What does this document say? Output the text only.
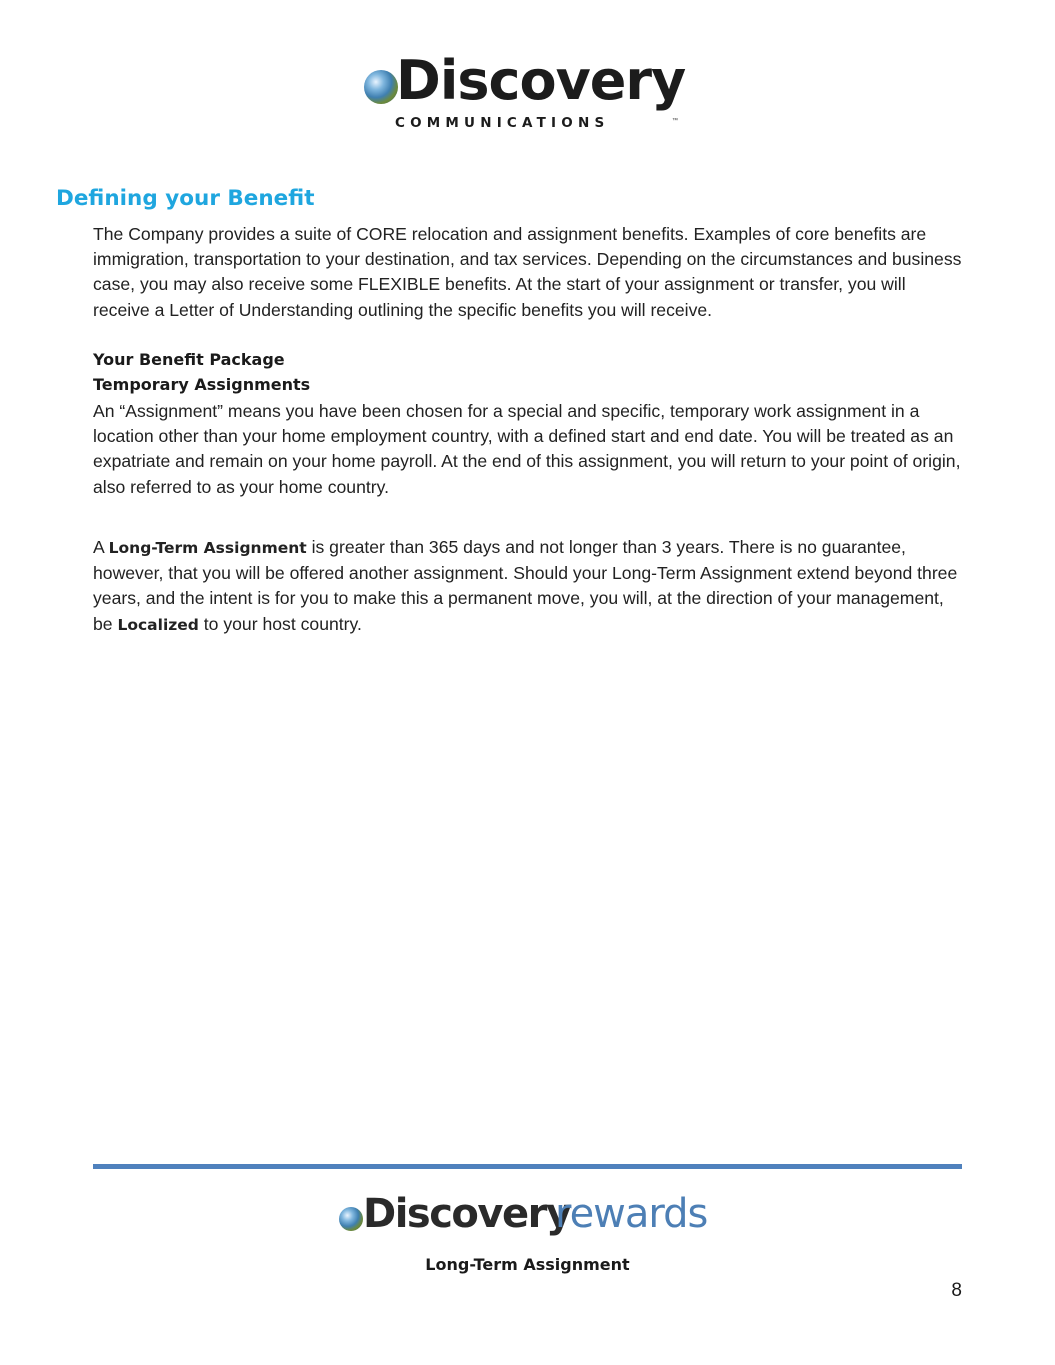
Discovery
COMMUNICATIONS	™
Defining your Benefit

The Company provides a suite of CORE relocation and assignment benefits. Examples of core benefits are immigration, transportation to your destination, and tax services. Depending on the circumstances and business case, you may also receive some FLEXIBLE benefits. At the start of your assignment or transfer, you will receive a Letter of Understanding outlining the specific benefits you will receive.

Your Benefit Package
Temporary Assignments

An “Assignment” means you have been chosen for a special and specific, temporary work assignment in a location other than your home employment country, with a defined start and end date. You will be treated as an expatriate and remain on your home payroll. At the end of this assignment, you will return to your point of origin, also referred to as your home country.

A Long-Term Assignment is greater than 365 days and not longer than 3 years. There is no guarantee, however, that you will be offered another assignment. Should your Long-Term Assignment extend beyond three years, and the intent is for you to make this a permanent move, you will, at the direction of your management, be Localized to your host country.

Discovery
rewards
Long-Term Assignment
8
